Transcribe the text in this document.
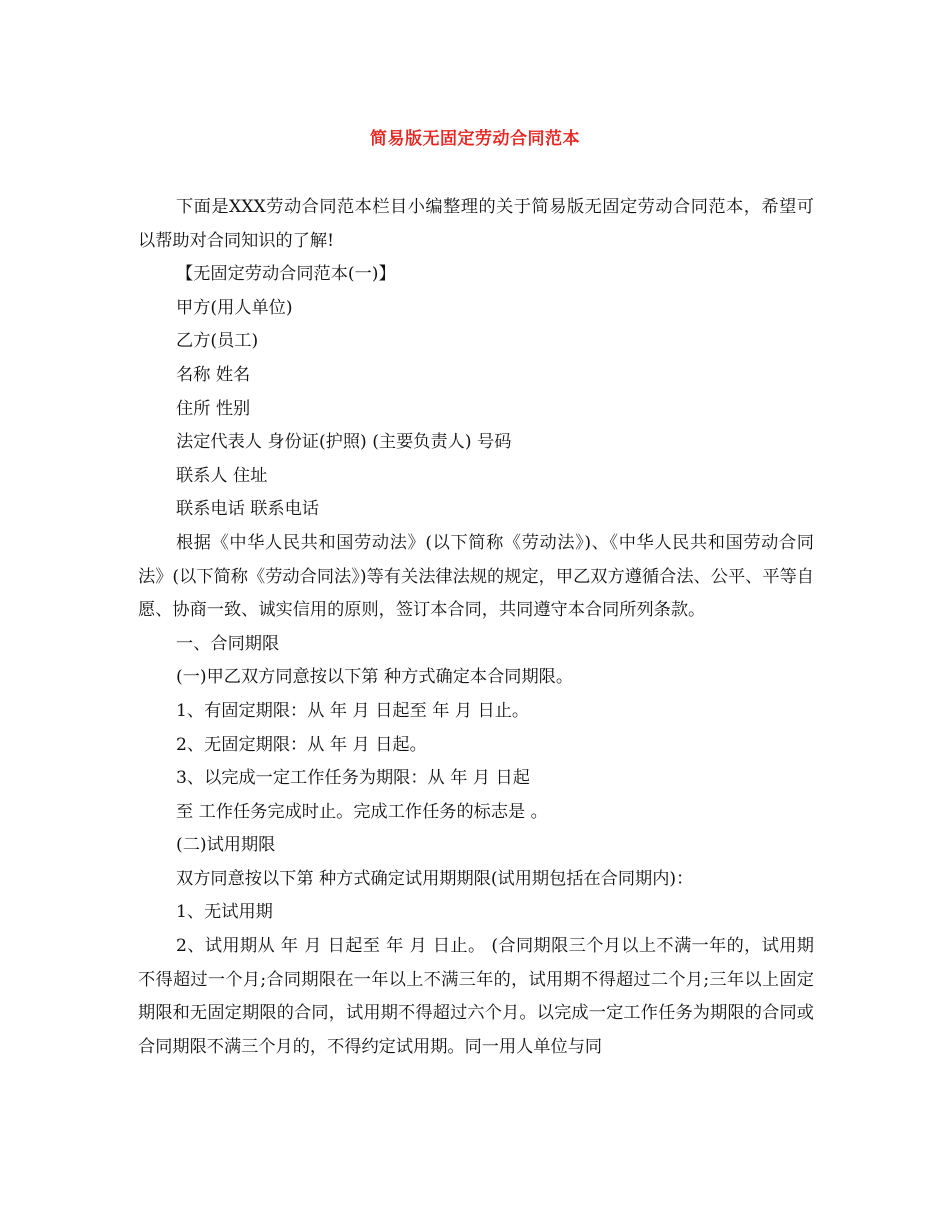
简易版无固定劳动合同范本

下面是XXX劳动合同范本栏目小编整理的关于简易版无固定劳动合同范本，希望可以帮助对合同知识的了解!

【无固定劳动合同范本(一)】

甲方(用人单位)

乙方(员工)

名称 姓名

住所 性别

法定代表人 身份证(护照) (主要负责人) 号码

联系人 住址

联系电话 联系电话

根据《中华人民共和国劳动法》(以下简称《劳动法》)、《中华人民共和国劳动合同法》(以下简称《劳动合同法》)等有关法律法规的规定，甲乙双方遵循合法、公平、平等自愿、协商一致、诚实信用的原则，签订本合同，共同遵守本合同所列条款。

一、合同期限

(一)甲乙双方同意按以下第 种方式确定本合同期限。

1、有固定期限：从 年 月 日起至 年 月 日止。

2、无固定期限：从 年 月 日起。

3、以完成一定工作任务为期限：从 年 月 日起

至 工作任务完成时止。完成工作任务的标志是 。

(二)试用期限

双方同意按以下第 种方式确定试用期期限(试用期包括在合同期内)：

1、无试用期

2、试用期从 年 月 日起至 年 月 日止。 (合同期限三个月以上不满一年的，试用期不得超过一个月;合同期限在一年以上不满三年的，试用期不得超过二个月;三年以上固定期限和无固定期限的合同，试用期不得超过六个月。以完成一定工作任务为期限的合同或合同期限不满三个月的，不得约定试用期。同一用人单位与同
